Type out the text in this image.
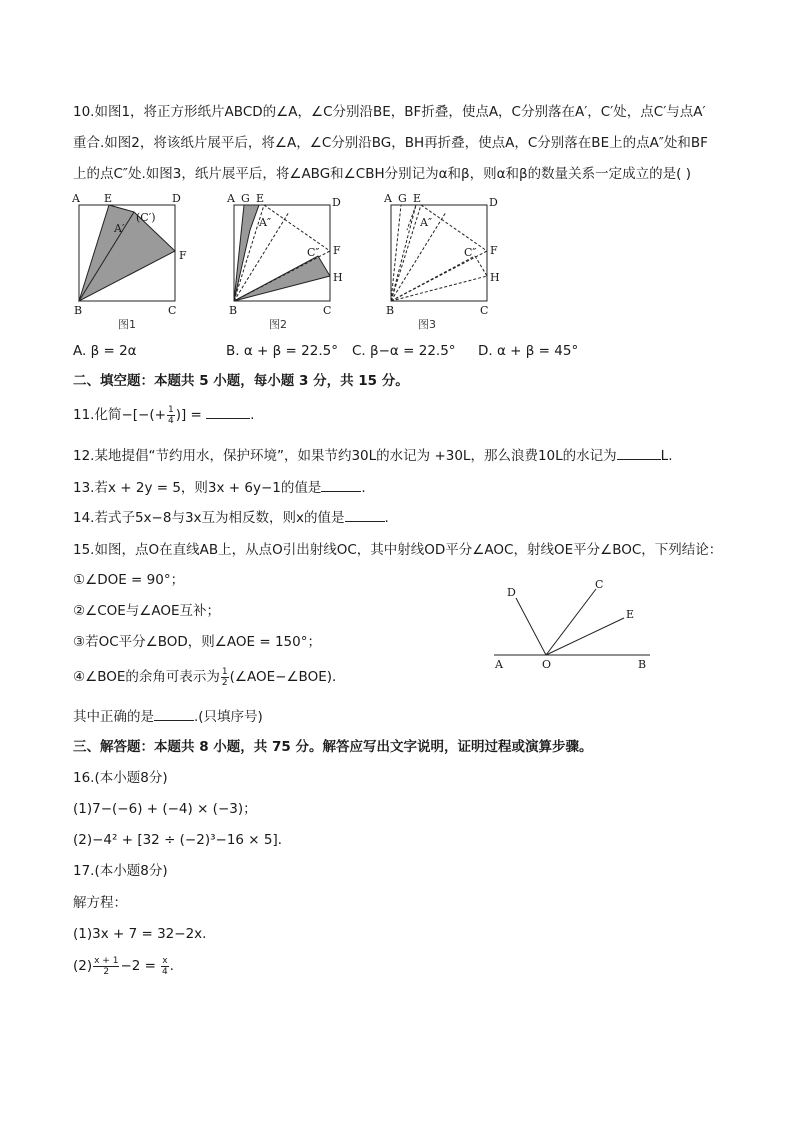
10.如图1，将正方形纸片ABCD的∠A，∠C分别沿BE，BF折叠，使点A，C分别落在A′，C′处，点C′与点A′
重合.如图2，将该纸片展平后，将∠A，∠C分别沿BG，BH再折叠，使点A，C分别落在BE上的点A″处和BF
上的点C″处.如图3，纸片展平后，将∠ABG和∠CBH分别记为α和β，则α和β的数量关系一定成立的是( )
A E	D
(C′)
A′
F
B	C
图1
A G E	D
A″
C″ F
H
B	C
图2
A G E	D
A″
C″ F
H
B	C
图3
A. β = 2α	B. α + β = 22.5° C. β−α = 22.5° D. α + β = 45°
二、填空题：本题共 5 小题，每小题 3 分，共 15 分。
11.化简−[−(+ $\frac{1}{4}$ )] =	.
12.某地提倡“节约用水，保护环境”，如果节约30L的水记为 +30L，那么浪费10L的水记为	L.
13.若x + 2y = 5，则3x + 6y−1的值是	.
14.若式子5x−8与3x互为相反数，则x的值是	.
15.如图，点O在直线AB上，从点O引出射线OC，其中射线OD平分∠AOC，射线OE平分∠BOC，下列结论：
①∠DOE = 90°；
②∠COE与∠AOE互补；
③若OC平分∠BOD，则∠AOE = 150°；
④∠BOE的余角可表示为 $\frac{1}{2}$ (∠AOE−∠BOE)．
其中正确的是	.(只填序号)
A	O	B
D
C
E
三、解答题：本题共 8 小题，共 75 分。解答应写出文字说明，证明过程或演算步骤。
16.(本小题8分)
(1)7−(−6) + (−4) × (−3)；
(2)−4² + [32 ÷ (−2)³−16 × 5]．
17.(本小题8分)
解方程：
(1)3x + 7 = 32−2x.
$(2) \frac{x + 1}{2} -2 = \frac{x}{4}$ .
